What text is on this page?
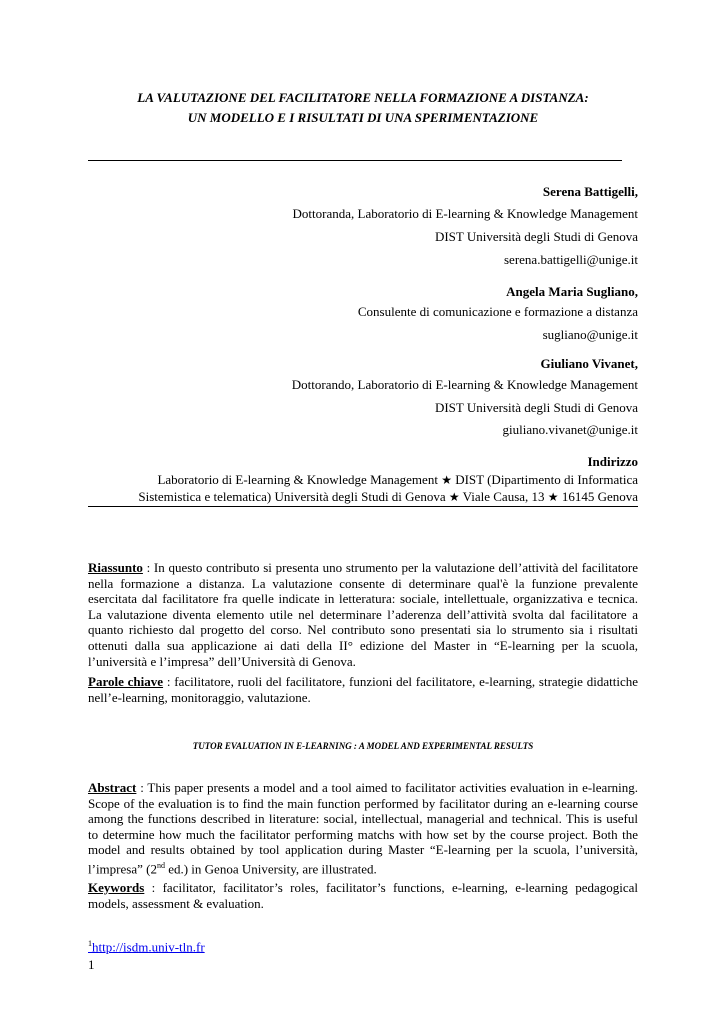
LA VALUTAZIONE DEL FACILITATORE NELLA FORMAZIONE A DISTANZA:
UN MODELLO E I RISULTATI DI UNA SPERIMENTAZIONE
Serena Battigelli,
Dottoranda, Laboratorio di E-learning & Knowledge Management
DIST Università degli Studi di Genova
serena.battigelli@unige.it
Angela Maria Sugliano,
Consulente di comunicazione e formazione a distanza
sugliano@unige.it
Giuliano Vivanet,
Dottorando, Laboratorio di E-learning & Knowledge Management
DIST Università degli Studi di Genova
giuliano.vivanet@unige.it
Indirizzo
Laboratorio di E-learning & Knowledge Management ★ DIST (Dipartimento di Informatica
Sistemistica e telematica) Università degli Studi di Genova ★ Viale Causa, 13 ★ 16145 Genova
Riassunto : In questo contributo si presenta uno strumento per la valutazione dell’attività del facilitatore nella formazione a distanza. La valutazione consente di determinare qual'è la funzione prevalente esercitata dal facilitatore fra quelle indicate in letteratura: sociale, intellettuale, organizzativa e tecnica. La valutazione diventa elemento utile nel determinare l’aderenza dell’attività svolta dal facilitatore a quanto richiesto dal progetto del corso. Nel contributo sono presentati sia lo strumento sia i risultati ottenuti dalla sua applicazione ai dati della II° edizione del Master in “E-learning per la scuola, l’università e l’impresa” dell’Università di Genova.
Parole chiave : facilitatore, ruoli del facilitatore, funzioni del facilitatore, e-learning, strategie didattiche nell’e-learning, monitoraggio, valutazione.
TUTOR EVALUATION IN E-LEARNING : A MODEL AND EXPERIMENTAL RESULTS
Abstract : This paper presents a model and a tool aimed to facilitator activities evaluation in e-learning. Scope of the evaluation is to find the main function performed by facilitator during an e-learning course among the functions described in literature: social, intellectual, managerial and technical. This is useful to determine how much the facilitator performing matchs with how set by the course project. Both the model and results obtained by tool application during Master “E-learning per la scuola, l’università, l’impresa” (2nd ed.) in Genoa University, are illustrated.
Keywords : facilitator, facilitator’s roles, facilitator’s functions, e-learning, e-learning pedagogical models, assessment & evaluation.
$^1$http://isdm.univ-tln.fr
1
